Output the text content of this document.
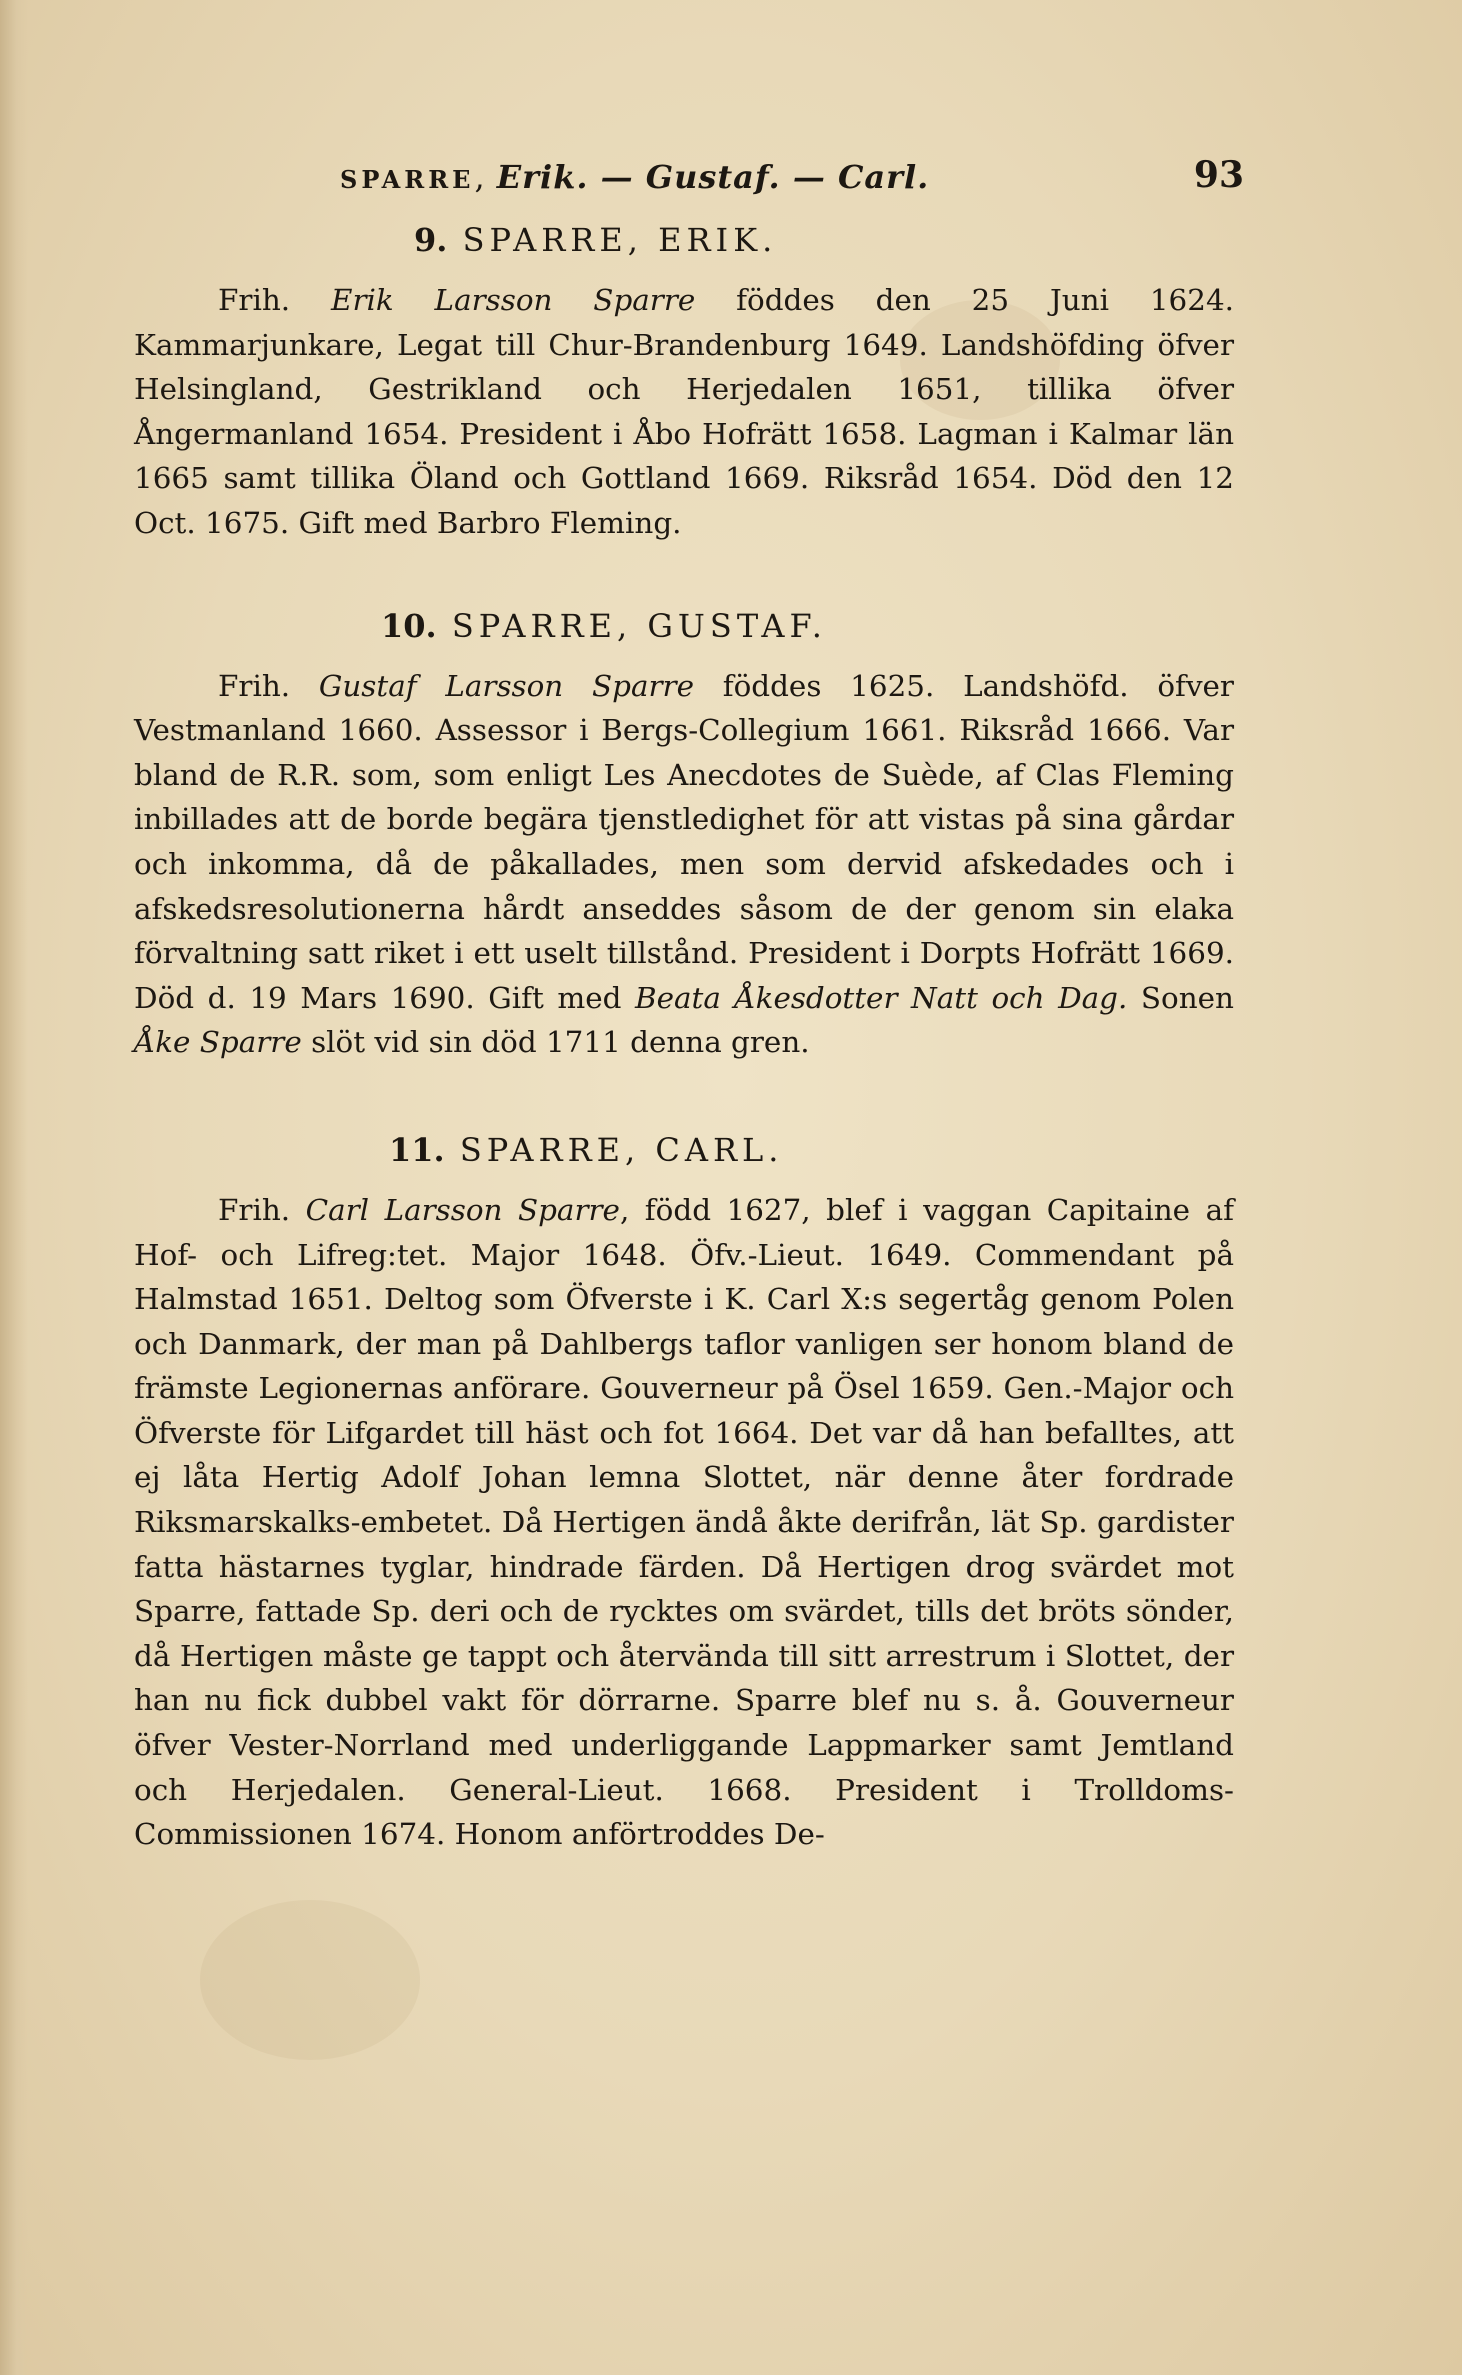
SPARRE, Erik. — Gustaf. — Carl.	93
9. SPARRE, ERIK.

Frih. Erik Larsson Sparre föddes den 25 Juni 1624. Kammarjunkare, Legat till Chur-Brandenburg 1649. Landshöfding öfver Helsingland, Gestrikland och Herjedalen 1651, tillika öfver Ångermanland 1654. President i Åbo Hofrätt 1658. Lagman i Kalmar län 1665 samt tillika Öland och Gottland 1669. Riksråd 1654. Död den 12 Oct. 1675. Gift med Barbro Fleming.

10. SPARRE, GUSTAF.

Frih. Gustaf Larsson Sparre föddes 1625. Landshöfd. öfver Vestmanland 1660. Assessor i Bergs-Collegium 1661. Riksråd 1666. Var bland de R.R. som, som enligt Les Anecdotes de Suède, af Clas Fleming inbillades att de borde begära tjenstledighet för att vistas på sina gårdar och inkomma, då de påkallades, men som dervid afskedades och i afskedsresolutionerna hårdt anseddes såsom de der genom sin elaka förvaltning satt riket i ett uselt tillstånd. President i Dorpts Hofrätt 1669. Död d. 19 Mars 1690. Gift med Beata Åkesdotter Natt och Dag. Sonen Åke Sparre slöt vid sin död 1711 denna gren.

11. SPARRE, CARL.

Frih. Carl Larsson Sparre, född 1627, blef i vaggan Capitaine af Hof- och Lifreg:tet. Major 1648. Öfv.-Lieut. 1649. Commendant på Halmstad 1651. Deltog som Öfverste i K. Carl X:s segertåg genom Polen och Danmark, der man på Dahlbergs taflor vanligen ser honom bland de främste Legionernas anförare. Gouverneur på Ösel 1659. Gen.-Major och Öfverste för Lifgardet till häst och fot 1664. Det var då han befalltes, att ej låta Hertig Adolf Johan lemna Slottet, när denne åter fordrade Riksmarskalks-embetet. Då Hertigen ändå åkte derifrån, lät Sp. gardister fatta hästarnes tyglar, hindrade färden. Då Hertigen drog svärdet mot Sparre, fattade Sp. deri och de rycktes om svärdet, tills det bröts sönder, då Hertigen måste ge tappt och återvända till sitt arrestrum i Slottet, der han nu fick dubbel vakt för dörrarne. Sparre blef nu s. å. Gouverneur öfver Vester-Norrland med underliggande Lappmarker samt Jemtland och Herjedalen. General-Lieut. 1668. President i Trolldoms-Commissionen 1674. Honom anförtroddes De-
